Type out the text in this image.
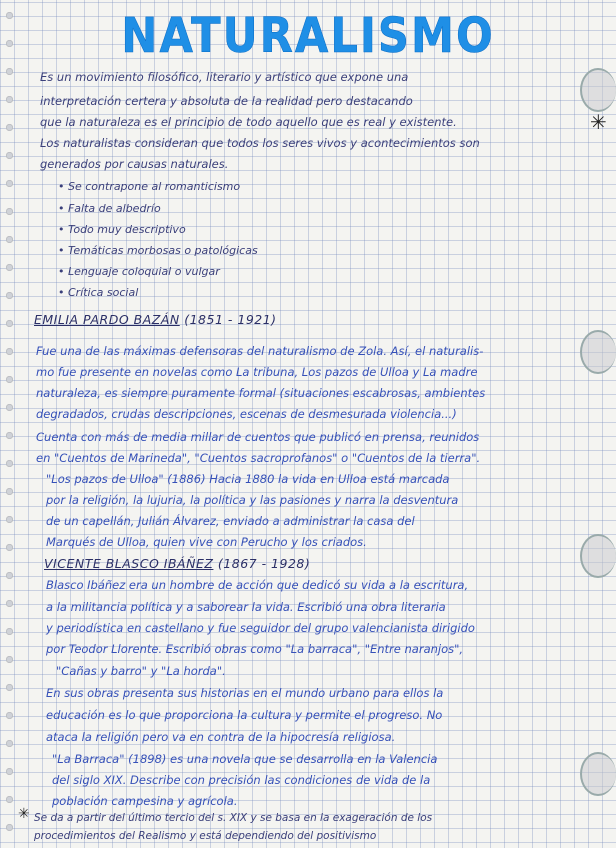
NATURALISMO
Es un movimiento filosófico, literario y artístico que expone una
interpretación certera y absoluta de la realidad pero destacando
que la naturaleza es el principio de todo aquello que es real y existente.
Los naturalistas consideran que todos los seres vivos y acontecimientos son
generados por causas naturales.
✳
• Se contrapone al romanticismo
• Falta de albedrío
• Todo muy descriptivo
• Temáticas morbosas o patológicas
• Lenguaje coloquial o vulgar
• Crítica social
EMILIA PARDO BAZÁN (1851 - 1921)
Fue una de las máximas defensoras del naturalismo de Zola. Así, el naturalis-
mo fue presente en novelas como La tribuna, Los pazos de Ulloa y La madre
naturaleza, es siempre puramente formal (situaciones escabrosas, ambientes
degradados, crudas descripciones, escenas de desmesurada violencia...)
Cuenta con más de media millar de cuentos que publicó en prensa, reunidos
en "Cuentos de Marineda", "Cuentos sacroprofanos" o "Cuentos de la tierra".
"Los pazos de Ulloa" (1886) Hacia 1880 la vida en Ulloa está marcada
por la religión, la lujuria, la política y las pasiones y narra la desventura
de un capellán, Julián Álvarez, enviado a administrar la casa del
Marqués de Ulloa, quien vive con Perucho y los criados.
VICENTE BLASCO IBÁÑEZ (1867 - 1928)
Blasco Ibáñez era un hombre de acción que dedicó su vida a la escritura,
a la militancia política y a saborear la vida. Escribió una obra literaria
y periodística en castellano y fue seguidor del grupo valencianista dirigido
por Teodor Llorente. Escribió obras como "La barraca", "Entre naranjos",
"Cañas y barro" y "La horda".
En sus obras presenta sus historias en el mundo urbano para ellos la
educación es lo que proporciona la cultura y permite el progreso. No
ataca la religión pero va en contra de la hipocresía religiosa.
"La Barraca" (1898) es una novela que se desarrolla en la Valencia
del siglo XIX. Describe con precisión las condiciones de vida de la
población campesina y agrícola.
✳ Se da a partir del último tercio del s. XIX y se basa en la exageración de los
procedimientos del Realismo y está dependiendo del positivismo
